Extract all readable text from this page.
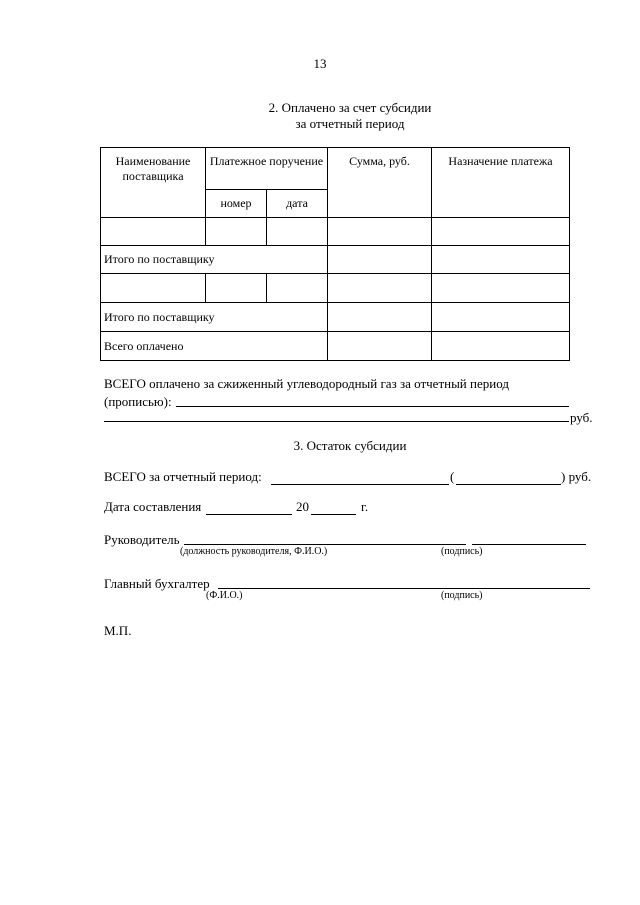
13
2. Оплачено за счет субсидии
за отчетный период
Наименование поставщика	Платежное поручение		Сумма, руб.	Назначение платежа
	номер	дата		

Итого по поставщику				

Итого по поставщику				
Всего оплачено				
ВСЕГО оплачено за сжиженный углеводородный газ за отчетный период
(прописью):
руб.
3. Остаток субсидии
ВСЕГО за отчетный период:	(	) руб.
Дата составления	20	г.
Руководитель
(должность руководителя, Ф.И.О.)	(подпись)
Главный бухгалтер
(Ф.И.О.)	(подпись)
М.П.
